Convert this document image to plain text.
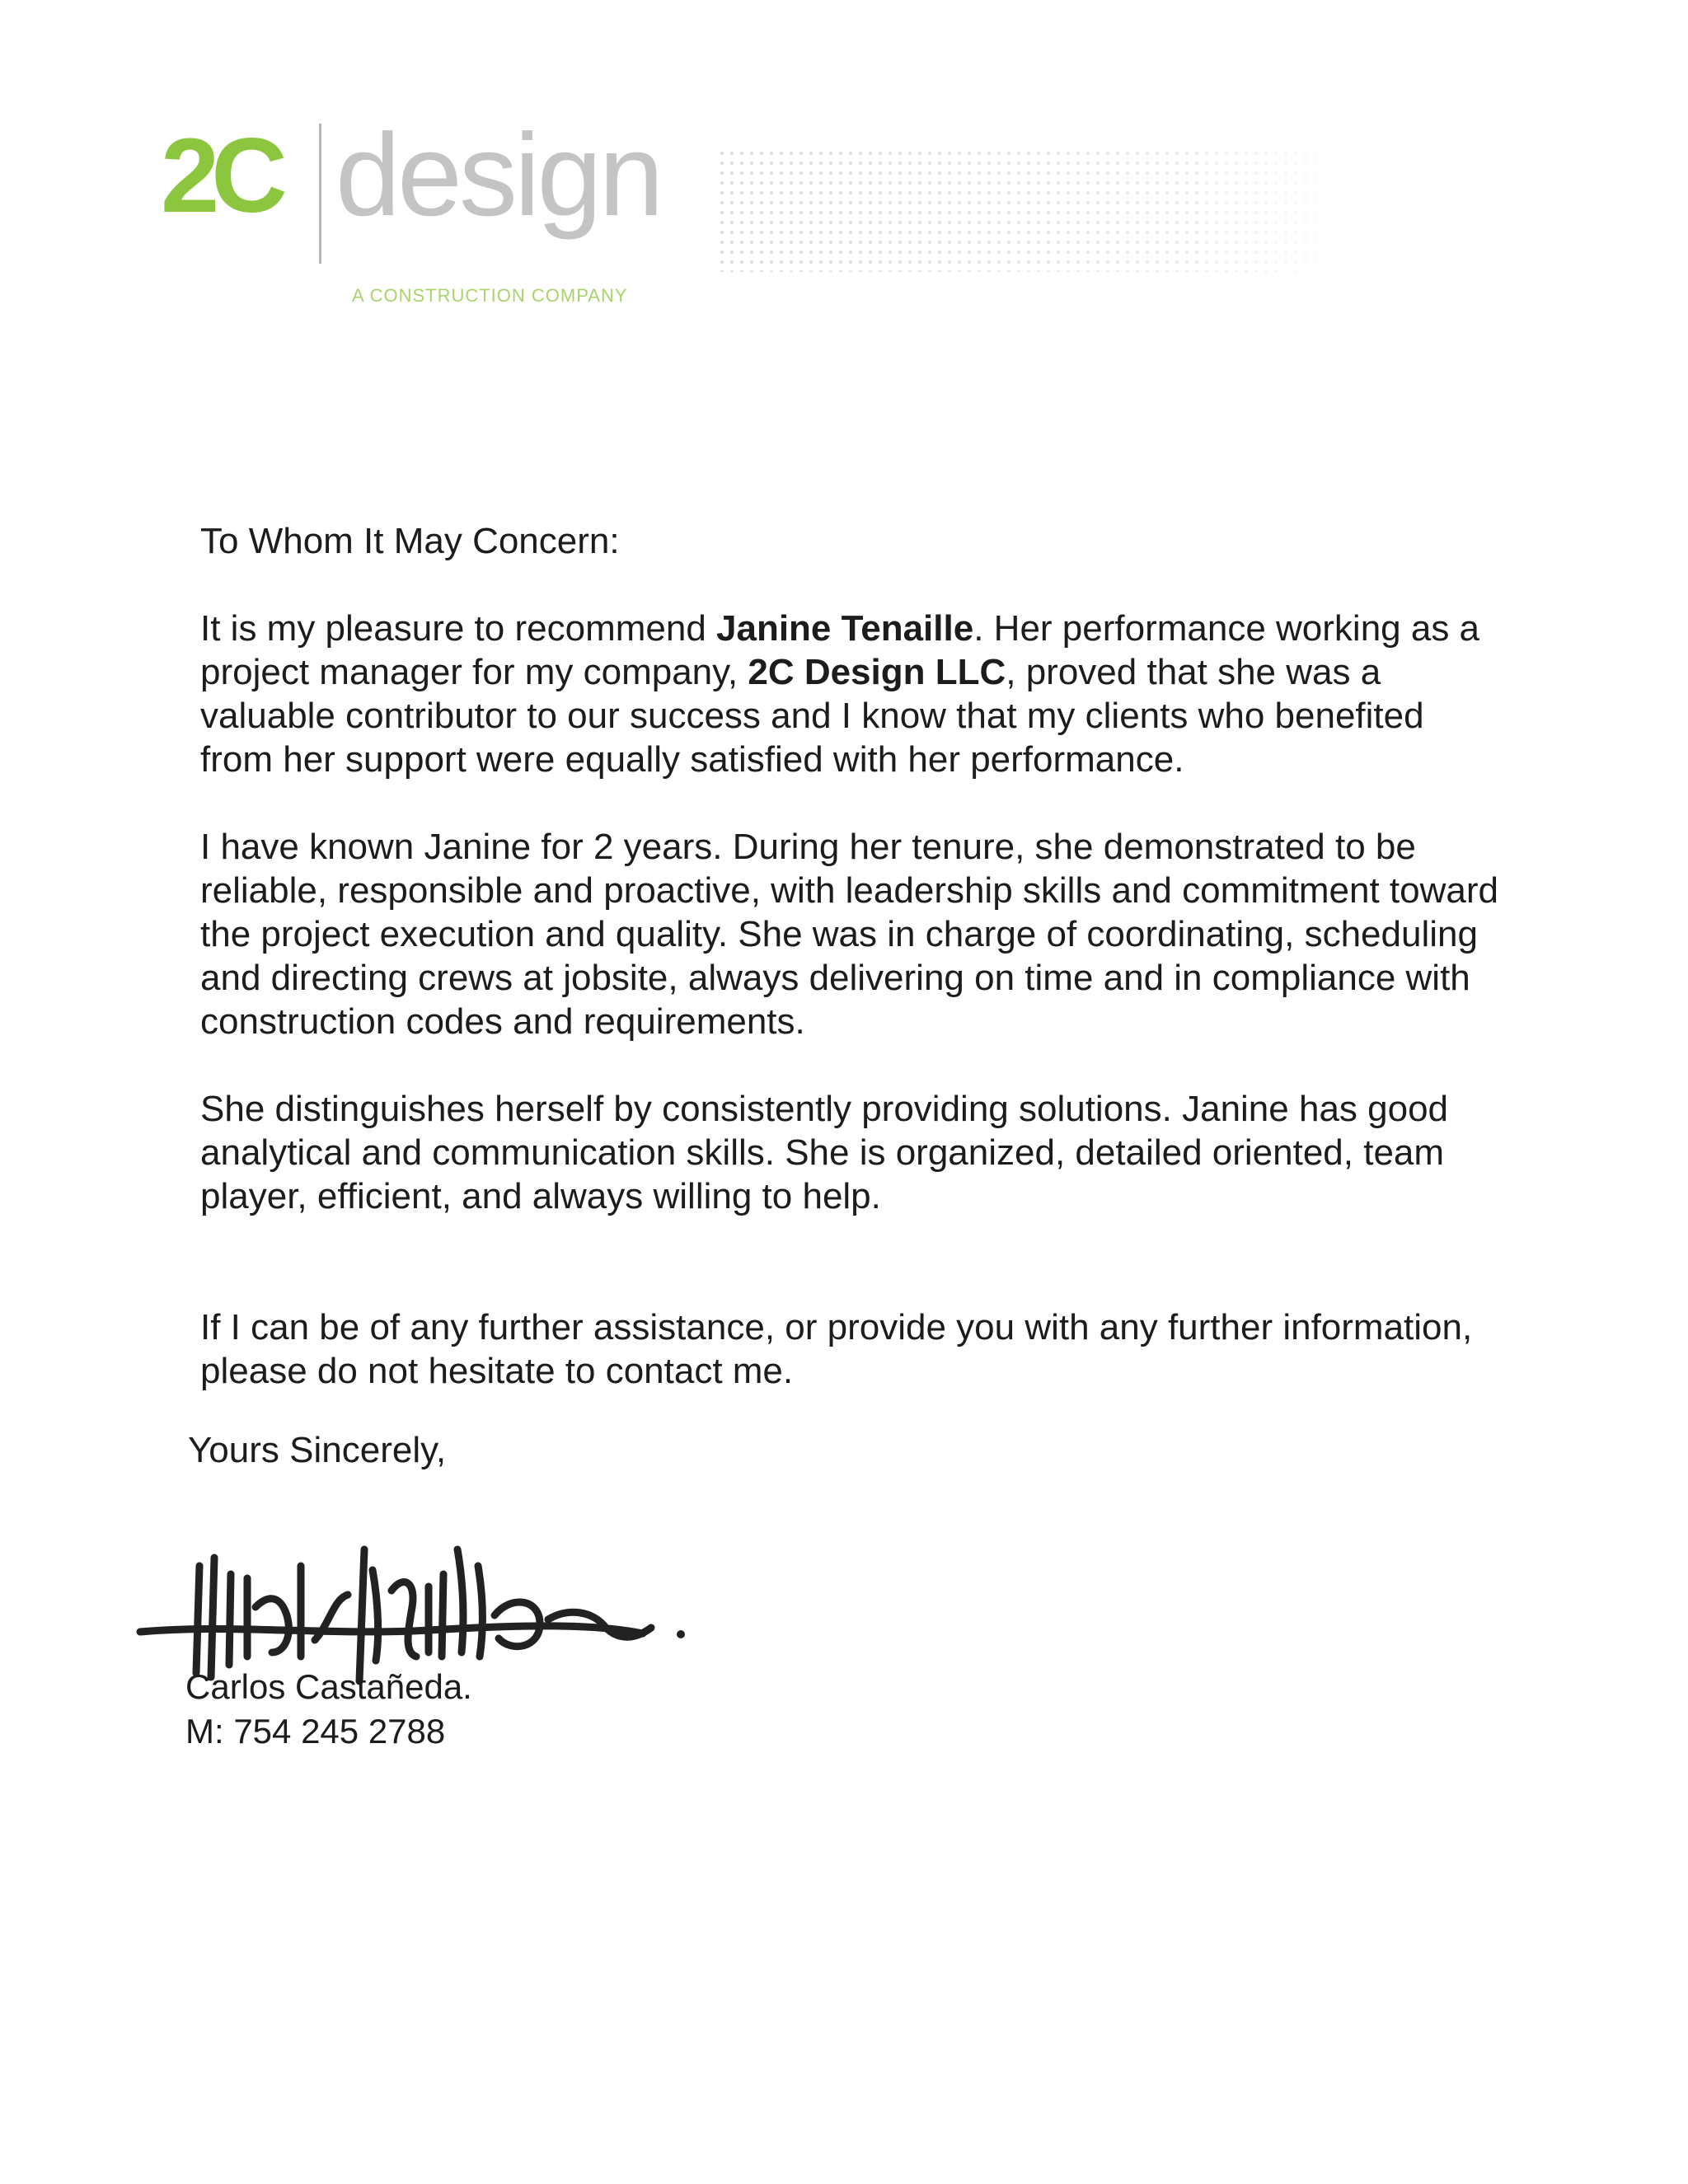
2C design
A CONSTRUCTION COMPANY

To Whom It May Concern:

It is my pleasure to recommend Janine Tenaille. Her performance working as a project manager for my company, 2C Design LLC, proved that she was a valuable contributor to our success and I know that my clients who benefited from her support were equally satisfied with her performance.

I have known Janine for 2 years. During her tenure, she demonstrated to be reliable, responsible and proactive, with leadership skills and commitment toward the project execution and quality. She was in charge of coordinating, scheduling and directing crews at jobsite, always delivering on time and in compliance with construction codes and requirements.

She distinguishes herself by consistently providing solutions. Janine has good analytical and communication skills. She is organized, detailed oriented, team player, efficient, and always willing to help.

If I can be of any further assistance, or provide you with any further information, please do not hesitate to contact me.

Yours Sincerely,
Carlos Castañeda.
M: 754 245 2788
